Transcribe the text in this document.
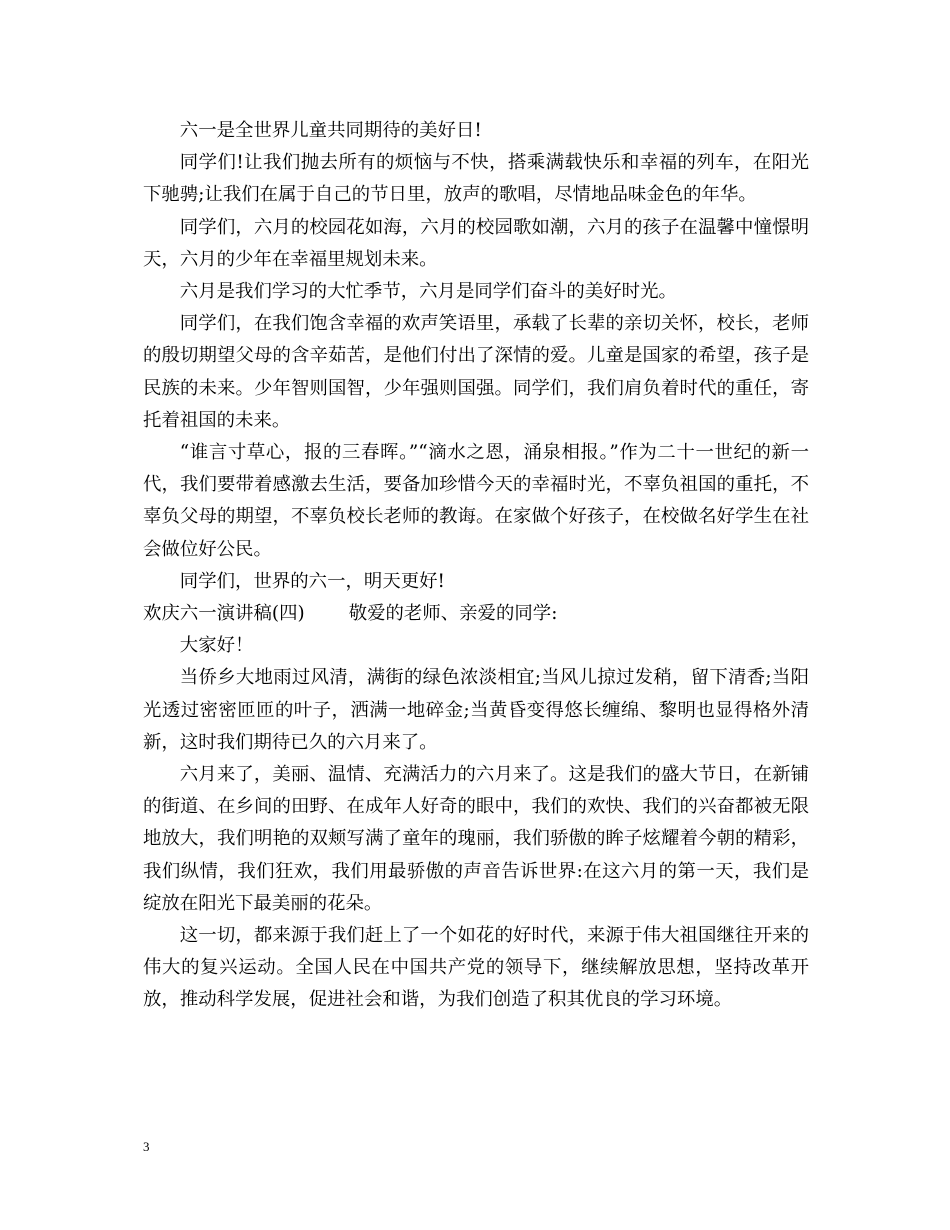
六一是全世界儿童共同期待的美好日!

同学们!让我们抛去所有的烦恼与不快，搭乘满载快乐和幸福的列车，在阳光下驰骋;让我们在属于自己的节日里，放声的歌唱，尽情地品味金色的年华。

同学们，六月的校园花如海，六月的校园歌如潮，六月的孩子在温馨中憧憬明天，六月的少年在幸福里规划未来。

六月是我们学习的大忙季节，六月是同学们奋斗的美好时光。

同学们，在我们饱含幸福的欢声笑语里，承载了长辈的亲切关怀，校长，老师的殷切期望父母的含辛茹苦，是他们付出了深情的爱。儿童是国家的希望，孩子是民族的未来。少年智则国智，少年强则国强。同学们，我们肩负着时代的重任，寄托着祖国的未来。

“谁言寸草心，报的三春晖。”“滴水之恩，涌泉相报。”作为二十一世纪的新一代，我们要带着感激去生活，要备加珍惜今天的幸福时光，不辜负祖国的重托，不辜负父母的期望，不辜负校长老师的教诲。在家做个好孩子，在校做名好学生在社会做位好公民。

同学们，世界的六一，明天更好!

欢庆六一演讲稿(四) 敬爱的老师、亲爱的同学:

大家好！

当侨乡大地雨过风清，满街的绿色浓淡相宜;当风儿掠过发稍，留下清香;当阳光透过密密匝匝的叶子，洒满一地碎金;当黄昏变得悠长缠绵、黎明也显得格外清新，这时我们期待已久的六月来了。

六月来了，美丽、温情、充满活力的六月来了。这是我们的盛大节日，在新铺的街道、在乡间的田野、在成年人好奇的眼中，我们的欢快、我们的兴奋都被无限地放大，我们明艳的双颊写满了童年的瑰丽，我们骄傲的眸子炫耀着今朝的精彩，我们纵情，我们狂欢，我们用最骄傲的声音告诉世界:在这六月的第一天，我们是绽放在阳光下最美丽的花朵。

这一切，都来源于我们赶上了一个如花的好时代，来源于伟大祖国继往开来的伟大的复兴运动。全国人民在中国共产党的领导下，继续解放思想，坚持改革开放，推动科学发展，促进社会和谐，为我们创造了积其优良的学习环境。

3
